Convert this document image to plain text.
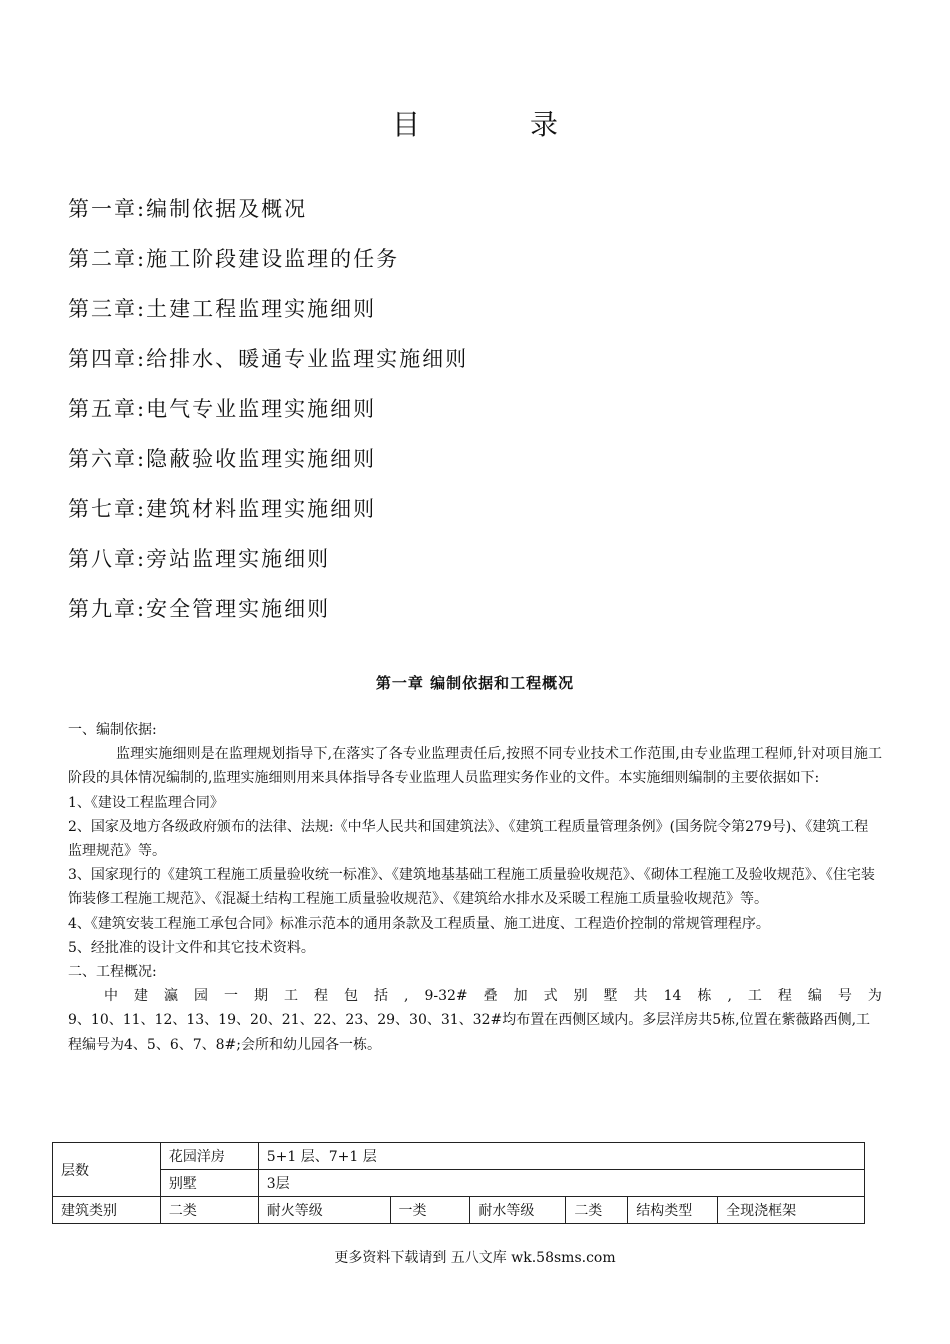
目	录
第一章:编制依据及概况
第二章:施工阶段建设监理的任务
第三章:土建工程监理实施细则
第四章:给排水、暖通专业监理实施细则
第五章:电气专业监理实施细则
第六章:隐蔽验收监理实施细则
第七章:建筑材料监理实施细则
第八章:旁站监理实施细则
第九章:安全管理实施细则
第一章 编制依据和工程概况

一、编制依据:

监理实施细则是在监理规划指导下,在落实了各专业监理责任后,按照不同专业技术工作范围,由专业监理工程师,针对项目施工阶段的具体情况编制的,监理实施细则用来具体指导各专业监理人员监理实务作业的文件。本实施细则编制的主要依据如下:

1、《建设工程监理合同》

2、国家及地方各级政府颁布的法律、法规:《中华人民共和国建筑法》、《建筑工程质量管理条例》(国务院令第279号)、《建筑工程监理规范》等。

3、国家现行的《建筑工程施工质量验收统一标准》、《建筑地基基础工程施工质量验收规范》、《砌体工程施工及验收规范》、《住宅装饰装修工程施工规范》、《混凝土结构工程施工质量验收规范》、《建筑给水排水及采暖工程施工质量验收规范》等。

4、《建筑安装工程施工承包合同》标准示范本的通用条款及工程质量、施工进度、工程造价控制的常规管理程序。

5、经批准的设计文件和其它技术资料。

二、工程概况:

中 建 瀛 园 一 期 工 程 包 括 , 9-32# 叠 加 式 别 墅 共 14 栋 , 工 程 编 号 为

9、10、11、12、13、19、20、21、22、23、29、30、31、32#均布置在西侧区域内。多层洋房共5栋,位置在紫薇路西侧,工程编号为4、5、6、7、8#;会所和幼儿园各一栋。

层数	花园洋房	5+1 层、7+1 层					
	别墅	3层					
建筑类别	二类	耐火等级	一类	耐水等级	二类	结构类型	全现浇框架
更多资料下载请到 五八文库 wk.58sms.com
